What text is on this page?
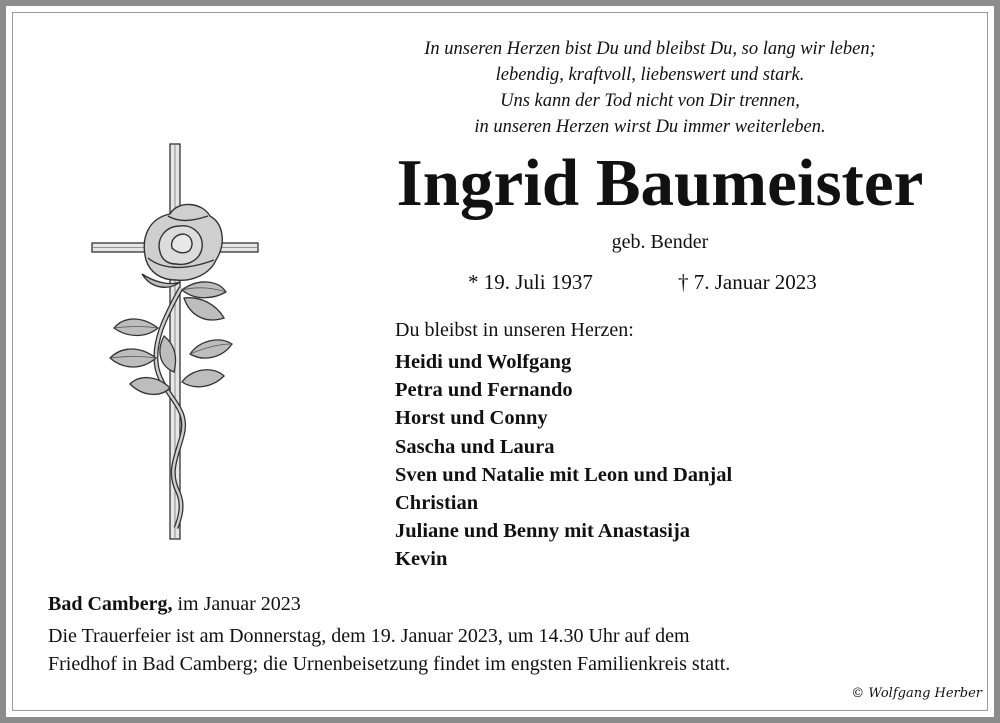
In unseren Herzen bist Du und bleibst Du, so lang wir leben;
lebendig, kraftvoll, liebenswert und stark.
Uns kann der Tod nicht von Dir trennen,
in unseren Herzen wirst Du immer weiterleben.
Ingrid Baumeister
geb. Bender
* 19. Juli 1937	† 7. Januar 2023
Du bleibst in unseren Herzen:
Heidi und Wolfgang
Petra und Fernando
Horst und Conny
Sascha und Laura
Sven und Natalie mit Leon und Danjal
Christian
Juliane und Benny mit Anastasija
Kevin
Bad Camberg, im Januar 2023
Die Trauerfeier ist am Donnerstag, dem 19. Januar 2023, um 14.30 Uhr auf dem
Friedhof in Bad Camberg; die Urnenbeisetzung findet im engsten Familienkreis statt.
© Wolfgang Herber
